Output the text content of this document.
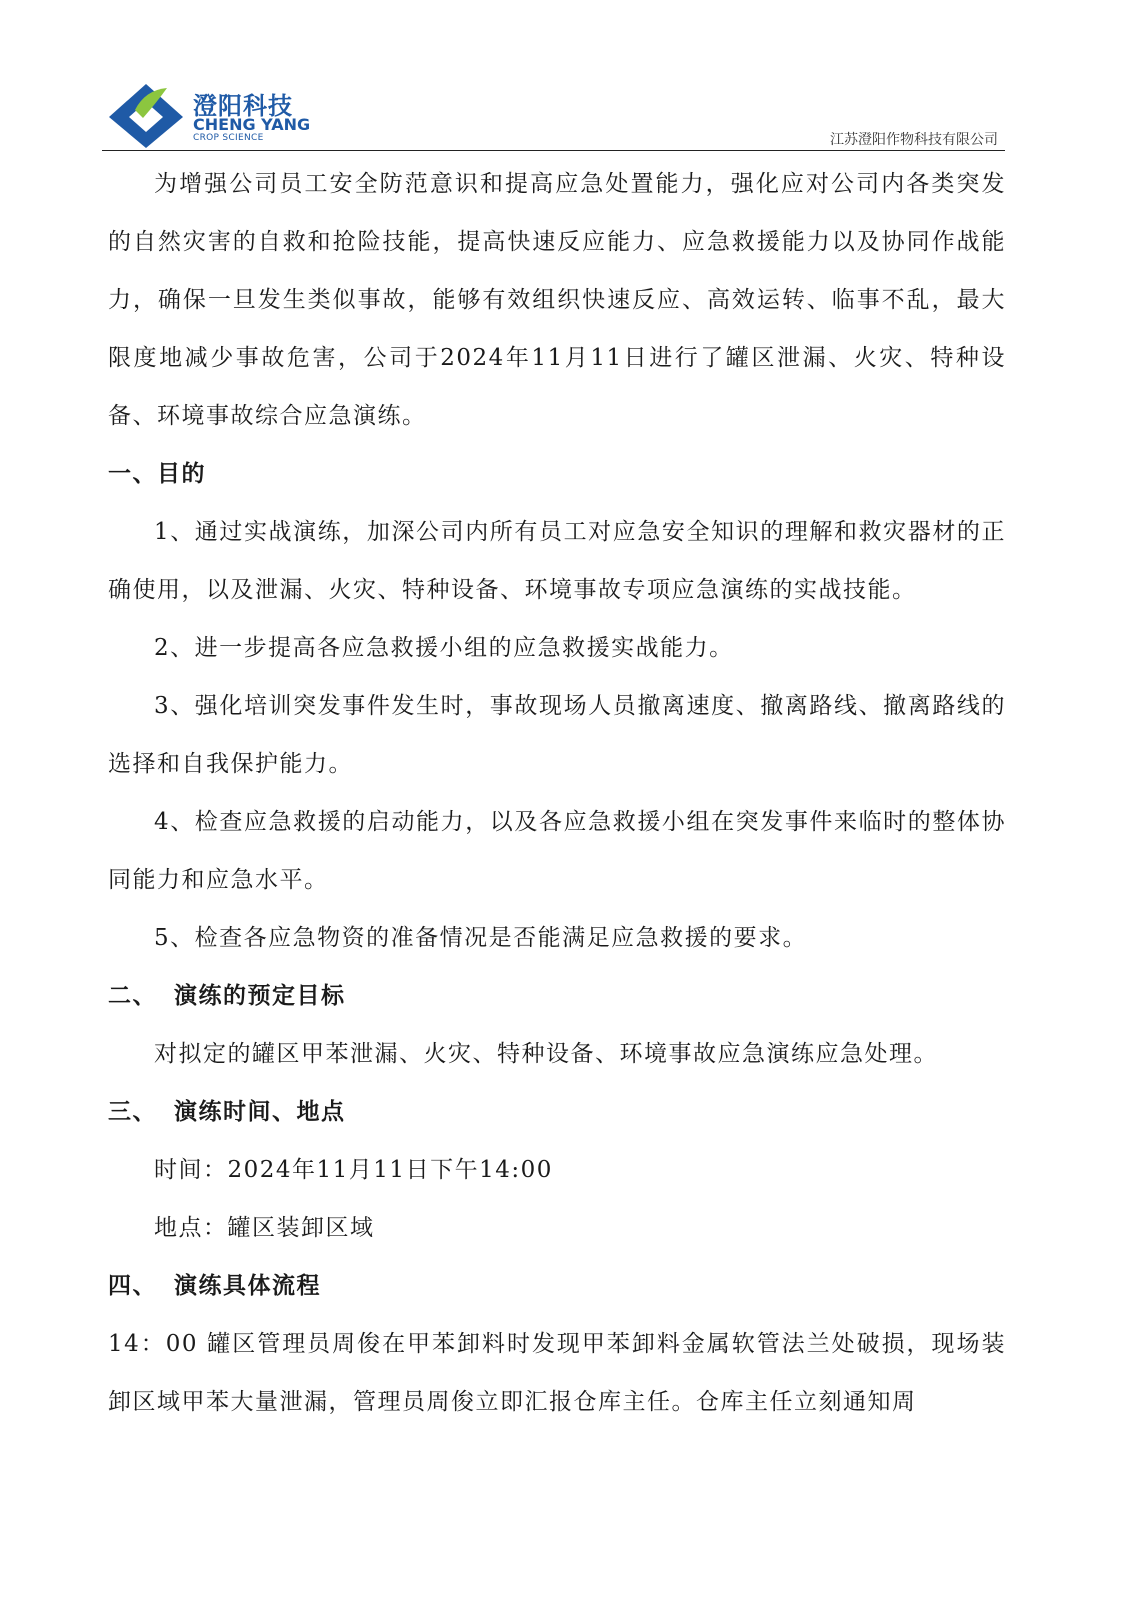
澄阳科技
CHENG YANG
CROP SCIENCE	江苏澄阳作物科技有限公司

为增强公司员工安全防范意识和提高应急处置能力，强化应对公司内各类突发的自然灾害的自救和抢险技能，提高快速反应能力、应急救援能力以及协同作战能力，确保一旦发生类似事故，能够有效组织快速反应、高效运转、临事不乱，最大限度地减少事故危害，公司于2024年11月11日进行了罐区泄漏、火灾、特种设备、环境事故综合应急演练。

一、目的

1、通过实战演练，加深公司内所有员工对应急安全知识的理解和救灾器材的正确使用，以及泄漏、火灾、特种设备、环境事故专项应急演练的实战技能。

2、进一步提高各应急救援小组的应急救援实战能力。

3、强化培训突发事件发生时，事故现场人员撤离速度、撤离路线、撤离路线的选择和自我保护能力。

4、检查应急救援的启动能力，以及各应急救援小组在突发事件来临时的整体协同能力和应急水平。

5、检查各应急物资的准备情况是否能满足应急救援的要求。

二、 演练的预定目标

对拟定的罐区甲苯泄漏、火灾、特种设备、环境事故应急演练应急处理。

三、 演练时间、地点

时间：2024年11月11日下午14:00

地点：罐区装卸区域

四、 演练具体流程

14：00 罐区管理员周俊在甲苯卸料时发现甲苯卸料金属软管法兰处破损，现场装卸区域甲苯大量泄漏，管理员周俊立即汇报仓库主任。仓库主任立刻通知周
